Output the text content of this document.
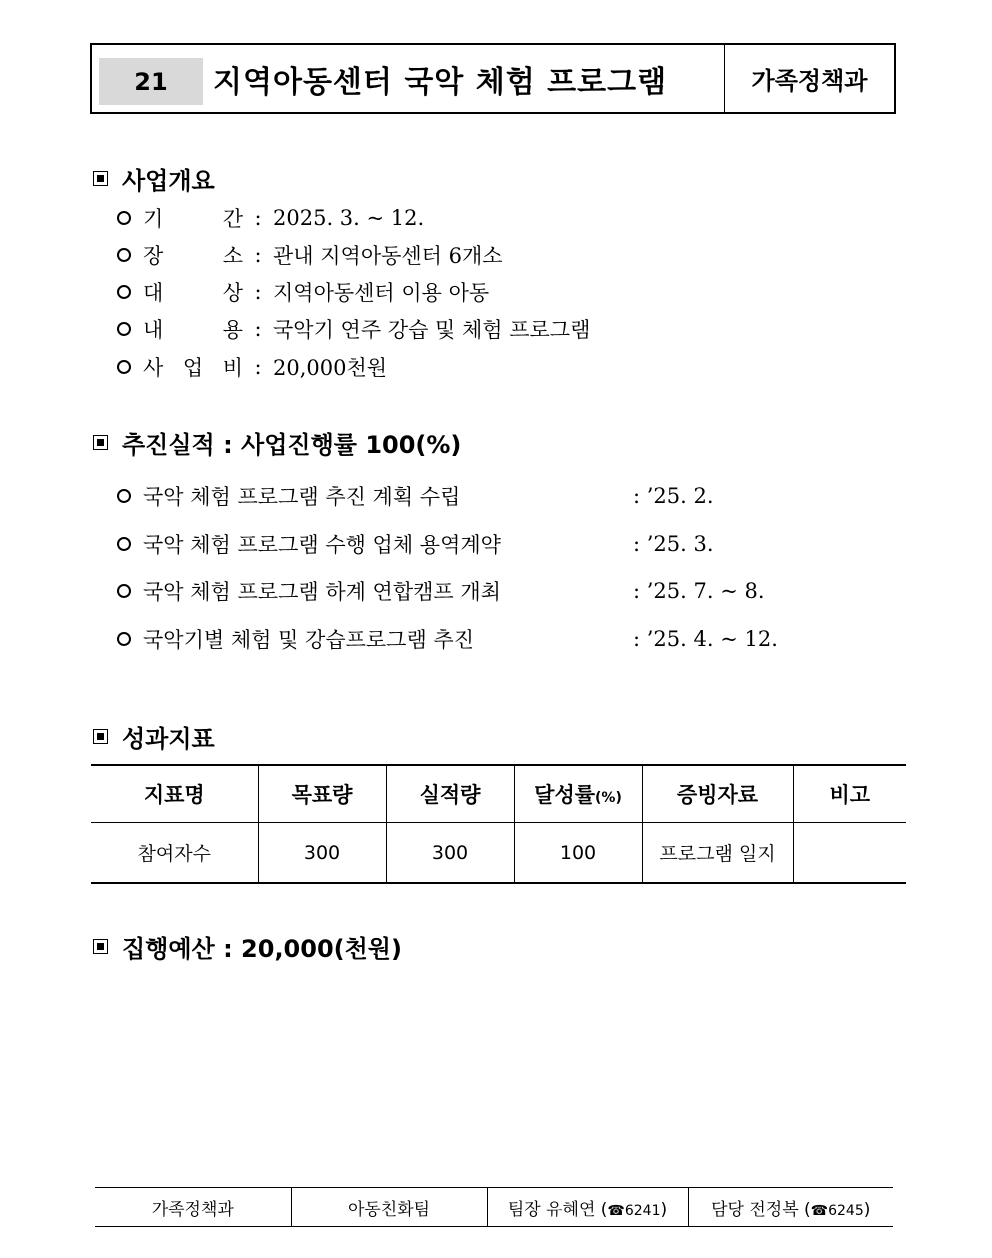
21	지역아동센터 국악 체험 프로그램	가족정책과
사업개요
기	간 : 2025. 3. ~ 12.
장	소 : 관내 지역아동센터 6개소
대	상 : 지역아동센터 이용 아동
내	용 : 국악기 연주 강습 및 체험 프로그램
사 업 비 : 20,000천원
추진실적 : 사업진행률 100(%)
국악 체험 프로그램 추진 계획 수립	: ’25. 2.
국악 체험 프로그램 수행 업체 용역계약	: ’25. 3.
국악 체험 프로그램 하계 연합캠프 개최	: ’25. 7. ~ 8.
국악기별 체험 및 강습프로그램 추진	: ’25. 4. ~ 12.
성과지표
지표명	목표량	실적량	달성률(%)	증빙자료	비고
참여자수	300	300	100	프로그램 일지	
집행예산 : 20,000(천원)
가족정책과	아동친화팀	팀장 유혜연 (☎6241)	담당 전정복 (☎6245)
